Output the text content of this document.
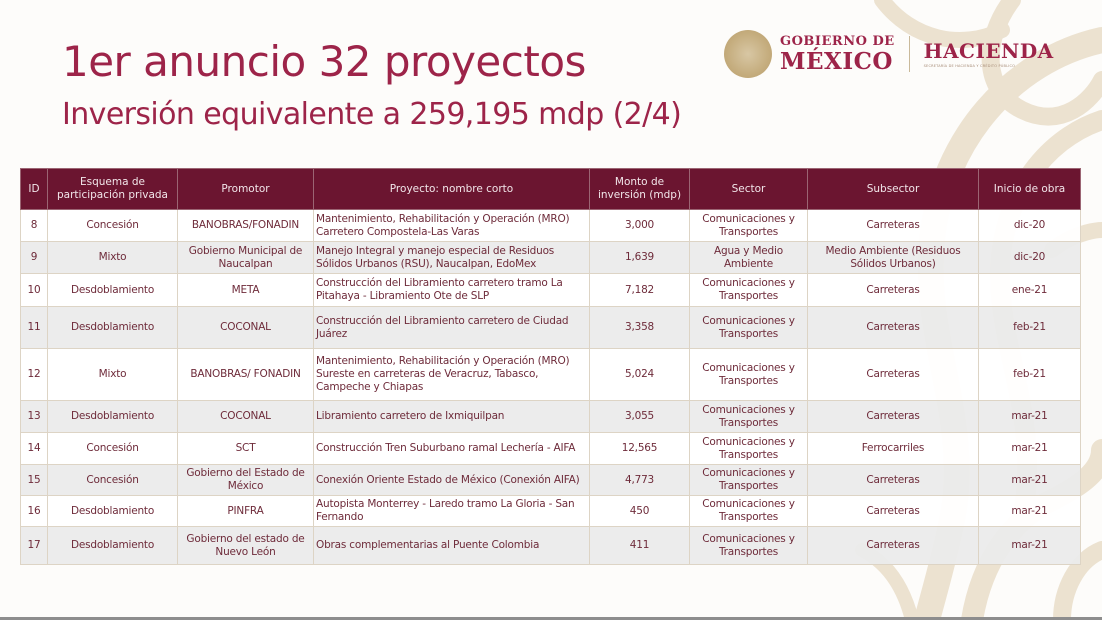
1er anuncio 32 proyectos
Inversión equivalente a 259,195 mdp (2/4)
GOBIERNO DE
MÉXICO HACIENDA
SECRETARÍA DE HACIENDA Y CRÉDITO PÚBLICO
ID	Esquema de participación privada	Promotor	Proyecto: nombre corto	Monto de inversión (mdp)	Sector	Subsector	Inicio de obra
8	Concesión	BANOBRAS/FONADIN	Mantenimiento, Rehabilitación y Operación (MRO) Carretero Compostela-Las Varas	3,000	Comunicaciones y Transportes	Carreteras	dic-20
9	Mixto	Gobierno Municipal de Naucalpan	Manejo Integral y manejo especial de Residuos Sólidos Urbanos (RSU), Naucalpan, EdoMex	1,639	Agua y Medio Ambiente	Medio Ambiente (Residuos Sólidos Urbanos)	dic-20
10	Desdoblamiento	META	Construcción del Libramiento carretero tramo La Pitahaya - Libramiento Ote de SLP	7,182	Comunicaciones y Transportes	Carreteras	ene-21
11	Desdoblamiento	COCONAL	Construcción del Libramiento carretero de Ciudad Juárez	3,358	Comunicaciones y Transportes	Carreteras	feb-21
12	Mixto	BANOBRAS/ FONADIN	Mantenimiento, Rehabilitación y Operación (MRO) Sureste en carreteras de Veracruz, Tabasco, Campeche y Chiapas	5,024	Comunicaciones y Transportes	Carreteras	feb-21
13	Desdoblamiento	COCONAL	Libramiento carretero de Ixmiquilpan	3,055	Comunicaciones y Transportes	Carreteras	mar-21
14	Concesión	SCT	Construcción Tren Suburbano ramal Lechería - AIFA	12,565	Comunicaciones y Transportes	Ferrocarriles	mar-21
15	Concesión	Gobierno del Estado de México	Conexión Oriente Estado de México (Conexión AIFA)	4,773	Comunicaciones y Transportes	Carreteras	mar-21
16	Desdoblamiento	PINFRA	Autopista Monterrey - Laredo tramo La Gloria - San Fernando	450	Comunicaciones y Transportes	Carreteras	mar-21
17	Desdoblamiento	Gobierno del estado de Nuevo León	Obras complementarias al Puente Colombia	411	Comunicaciones y Transportes	Carreteras	mar-21
